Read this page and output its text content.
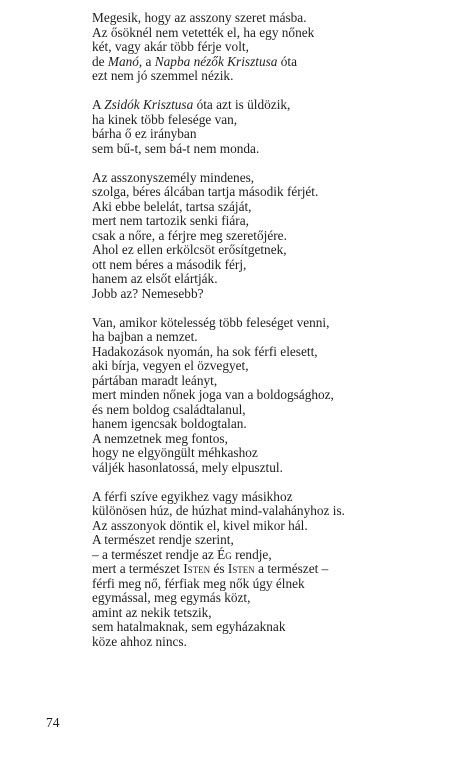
Megesik, hogy az asszony szeret másba.
Az ősöknél nem vetették el, ha egy nőnek
két, vagy akár több férje volt,
de Manó, a Napba nézők Krisztusa óta
ezt nem jó szemmel nézik.
A Zsidók Krisztusa óta azt is üldözik,
ha kinek több felesége van,
bárha ő ez irányban
sem bű-t, sem bá-t nem monda.
Az asszonyszemély mindenes,
szolga, béres álcában tartja második férjét.
Aki ebbe belelát, tartsa száját,
mert nem tartozik senki fiára,
csak a nőre, a férjre meg szeretőjére.
Ahol ez ellen erkölcsöt erősítgetnek,
ott nem béres a második férj,
hanem az elsőt elártják.
Jobb az? Nemesebb?
Van, amikor kötelesség több feleséget venni,
ha bajban a nemzet.
Hadakozások nyomán, ha sok férfi elesett,
aki bírja, vegyen el özvegyet,
pártában maradt leányt,
mert minden nőnek joga van a boldogsághoz,
és nem boldog családtalanul,
hanem igencsak boldogtalan.
A nemzetnek meg fontos,
hogy ne elgyöngült méhkashoz
váljék hasonlatossá, mely elpusztul.
A férfi szíve egyikhez vagy másikhoz
különösen húz, de húzhat mind-valahányhoz is.
Az asszonyok döntik el, kivel mikor hál.
A természet rendje szerint,
– a természet rendje az Ég rendje,
mert a természet Isten és Isten a természet –
férfi meg nő, férfiak meg nők úgy élnek
egymással, meg egymás közt,
amint az nekik tetszik,
sem hatalmaknak, sem egyházaknak
köze ahhoz nincs.
74
